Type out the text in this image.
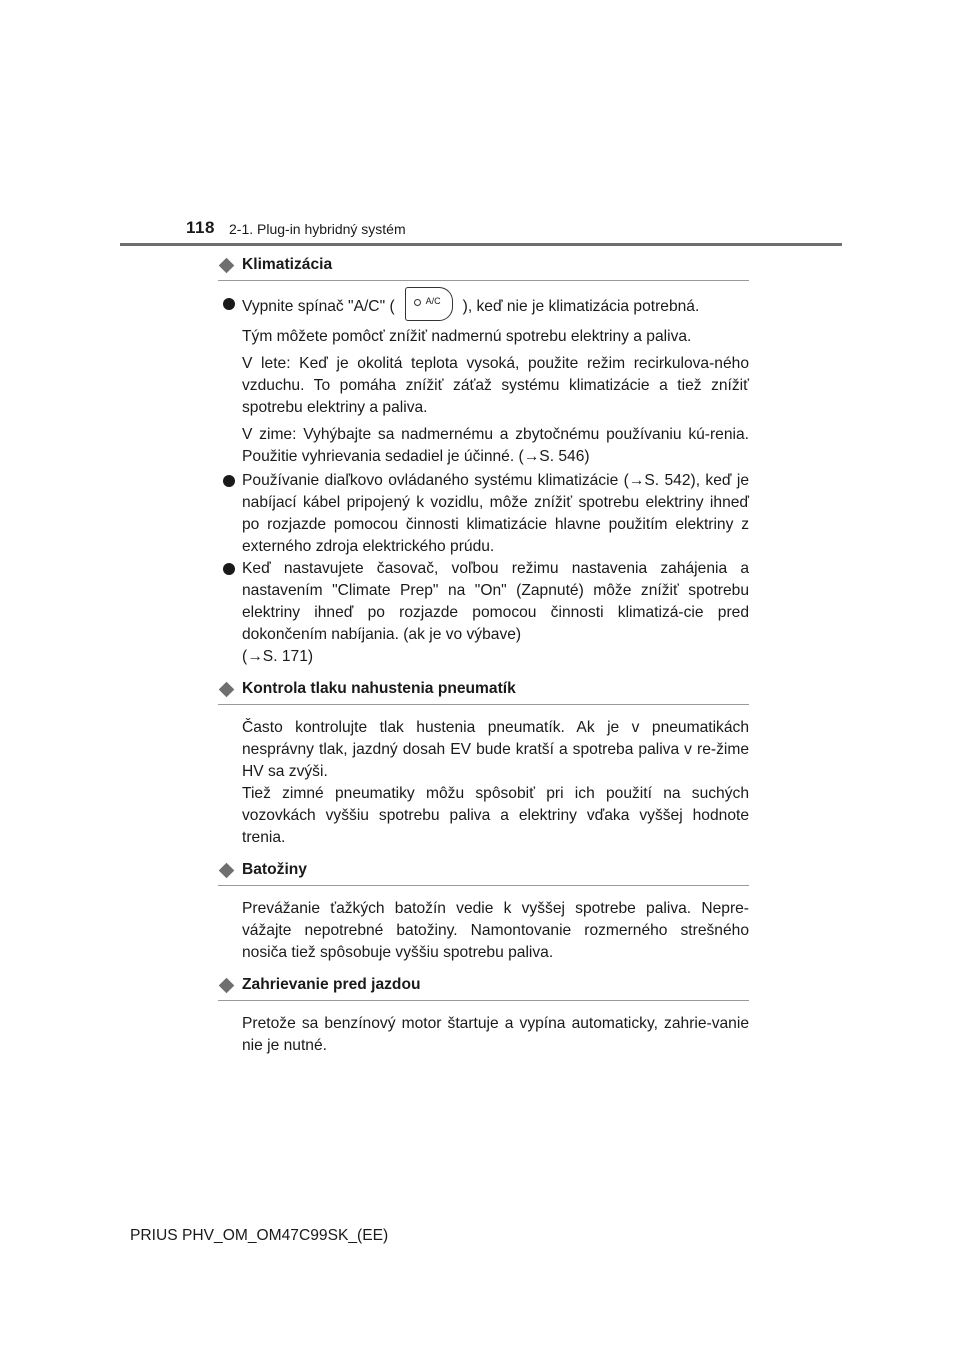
118 2-1. Plug-in hybridný systém
Klimatizácia
Vypnite spínač "A/C" (	A/C ), keď nie je klimatizácia potrebná.
Tým môžete pomôcť znížiť nadmernú spotrebu elektriny a paliva.
V lete: Keď je okolitá teplota vysoká, použite režim recirkulova-ného vzduchu. To pomáha znížiť záťaž systému klimatizácie a tiež znížiť spotrebu elektriny a paliva.
V zime: Vyhýbajte sa nadmernému a zbytočnému používaniu kú-renia. Použitie vyhrievania sedadiel je účinné. (→S. 546)
Používanie diaľkovo ovládaného systému klimatizácie (→S. 542), keď je nabíjací kábel pripojený k vozidlu, môže znížiť spotrebu elektriny ihneď po rozjazde pomocou činnosti klimatizácie hlavne použitím elektriny z externého zdroja elektrického prúdu.
Keď nastavujete časovač, voľbou režimu nastavenia zahájenia a nastavením "Climate Prep" na "On" (Zapnuté) môže znížiť spotrebu elektriny ihneď po rozjazde pomocou činnosti klimatizá-cie pred dokončením nabíjania. (ak je vo výbave)
(→S. 171)
Kontrola tlaku nahustenia pneumatík
Často kontrolujte tlak hustenia pneumatík. Ak je v pneumatikách nesprávny tlak, jazdný dosah EV bude kratší a spotreba paliva v re-žime HV sa zvýši.
Tiež zimné pneumatiky môžu spôsobiť pri ich použití na suchých vozovkách vyššiu spotrebu paliva a elektriny vďaka vyššej hodnote trenia.
Batožiny
Prevážanie ťažkých batožín vedie k vyššej spotrebe paliva. Nepre-vážajte nepotrebné batožiny. Namontovanie rozmerného strešného nosiča tiež spôsobuje vyššiu spotrebu paliva.
Zahrievanie pred jazdou
Pretože sa benzínový motor štartuje a vypína automaticky, zahrie-vanie nie je nutné.
PRIUS PHV_OM_OM47C99SK_(EE)
